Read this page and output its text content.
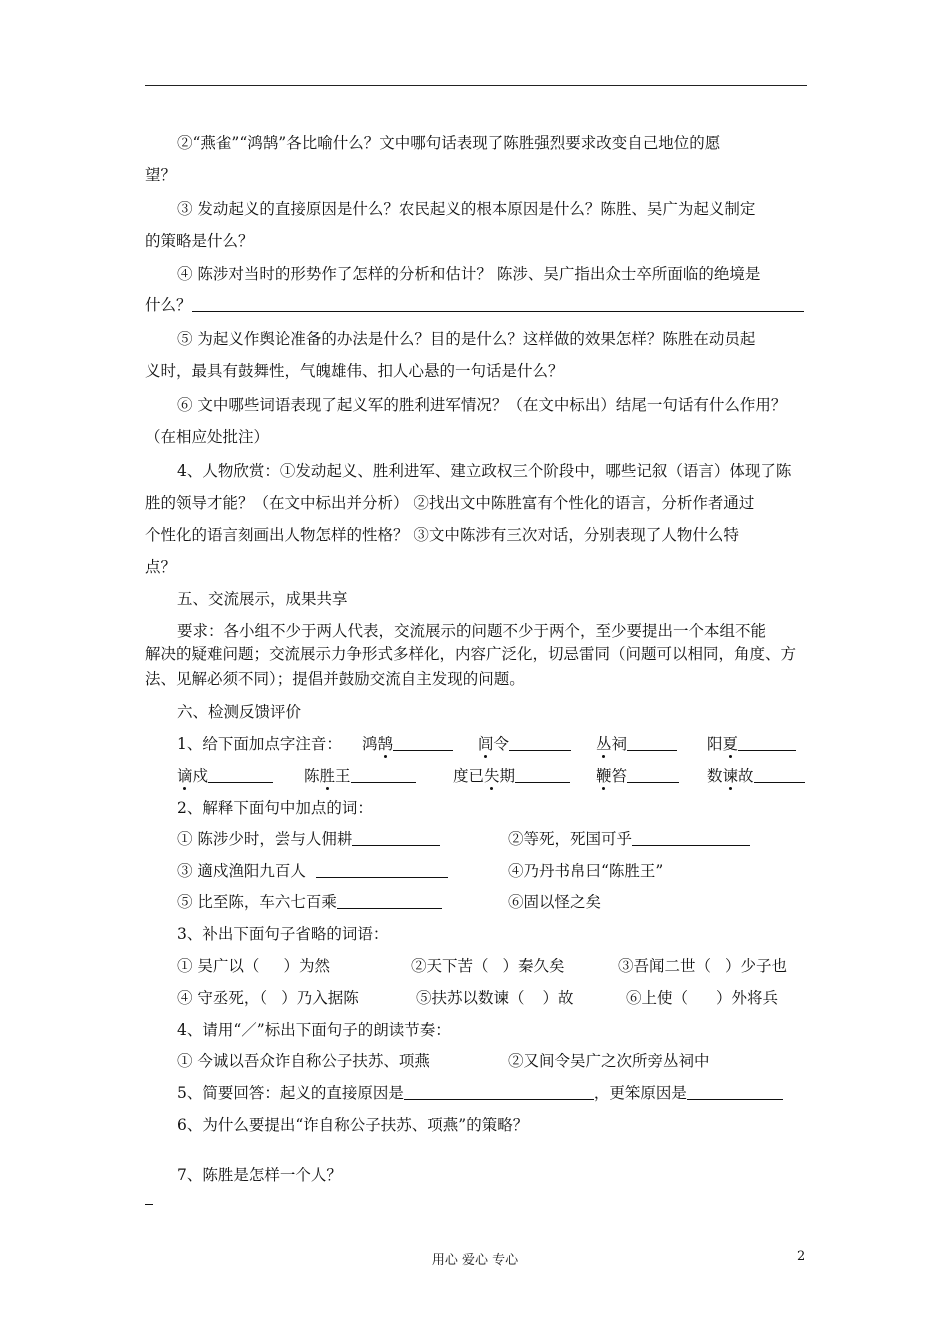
②“燕雀”“鸿鹄”各比喻什么？文中哪句话表现了陈胜强烈要求改变自己地位的愿
望？
③ 发动起义的直接原因是什么？农民起义的根本原因是什么？陈胜、吴广为起义制定
的策略是什么？
④ 陈涉对当时的形势作了怎样的分析和估计？ 陈涉、吴广指出众士卒所面临的绝境是
什么？
⑤ 为起义作舆论准备的办法是什么？目的是什么？这样做的效果怎样？陈胜在动员起
义时，最具有鼓舞性，气魄雄伟、扣人心悬的一句话是什么？
⑥ 文中哪些词语表现了起义军的胜利进军情况？（在文中标出）结尾一句话有什么作用？
（在相应处批注）
4、人物欣赏：①发动起义、胜利进军、建立政权三个阶段中，哪些记叙（语言）体现了陈
胜的领导才能？（在文中标出并分析） ②找出文中陈胜富有个性化的语言，分析作者通过
个性化的语言刻画出人物怎样的性格？ ③文中陈涉有三次对话，分别表现了人物什么特
点？
五、交流展示，成果共享
要求：各小组不少于两人代表，交流展示的问题不少于两个，至少要提出一个本组不能
解决的疑难问题；交流展示力争形式多样化，内容广泛化，切忌雷同（问题可以相同，角度、方
法、见解必须不同）；提倡并鼓励交流自主发现的问题。
六、检测反馈评价
1、给下面加点字注音： 鸿鹄	闾令	丛祠	阳夏
谪戍	陈胜王	度已失期	鞭笞	数谏故
2、解释下面句中加点的词：
① 陈涉少时，尝与人佣耕	②等死，死国可乎
③ 適戍渔阳九百人	④乃丹书帛曰“陈胜王”
⑤ 比至陈，车六七百乘	⑥固以怪之矣
3、补出下面句子省略的词语：
① 吴广以（ ）为然	②天下苦（ ）秦久矣	③吾闻二世（ ）少子也
④ 守丞死，（ ）乃入据陈	⑤扶苏以数谏（ ）故	⑥上使（ ）外将兵
4、请用“／”标出下面句子的朗读节奏：
① 今诚以吾众诈自称公子扶苏、项燕	②又间令吴广之次所旁丛祠中
5、简要回答：起义的直接原因是	，更笨原因是
6、为什么要提出“诈自称公子扶苏、项燕”的策略？
7、陈胜是怎样一个人？
用心 爱心 专心	2
